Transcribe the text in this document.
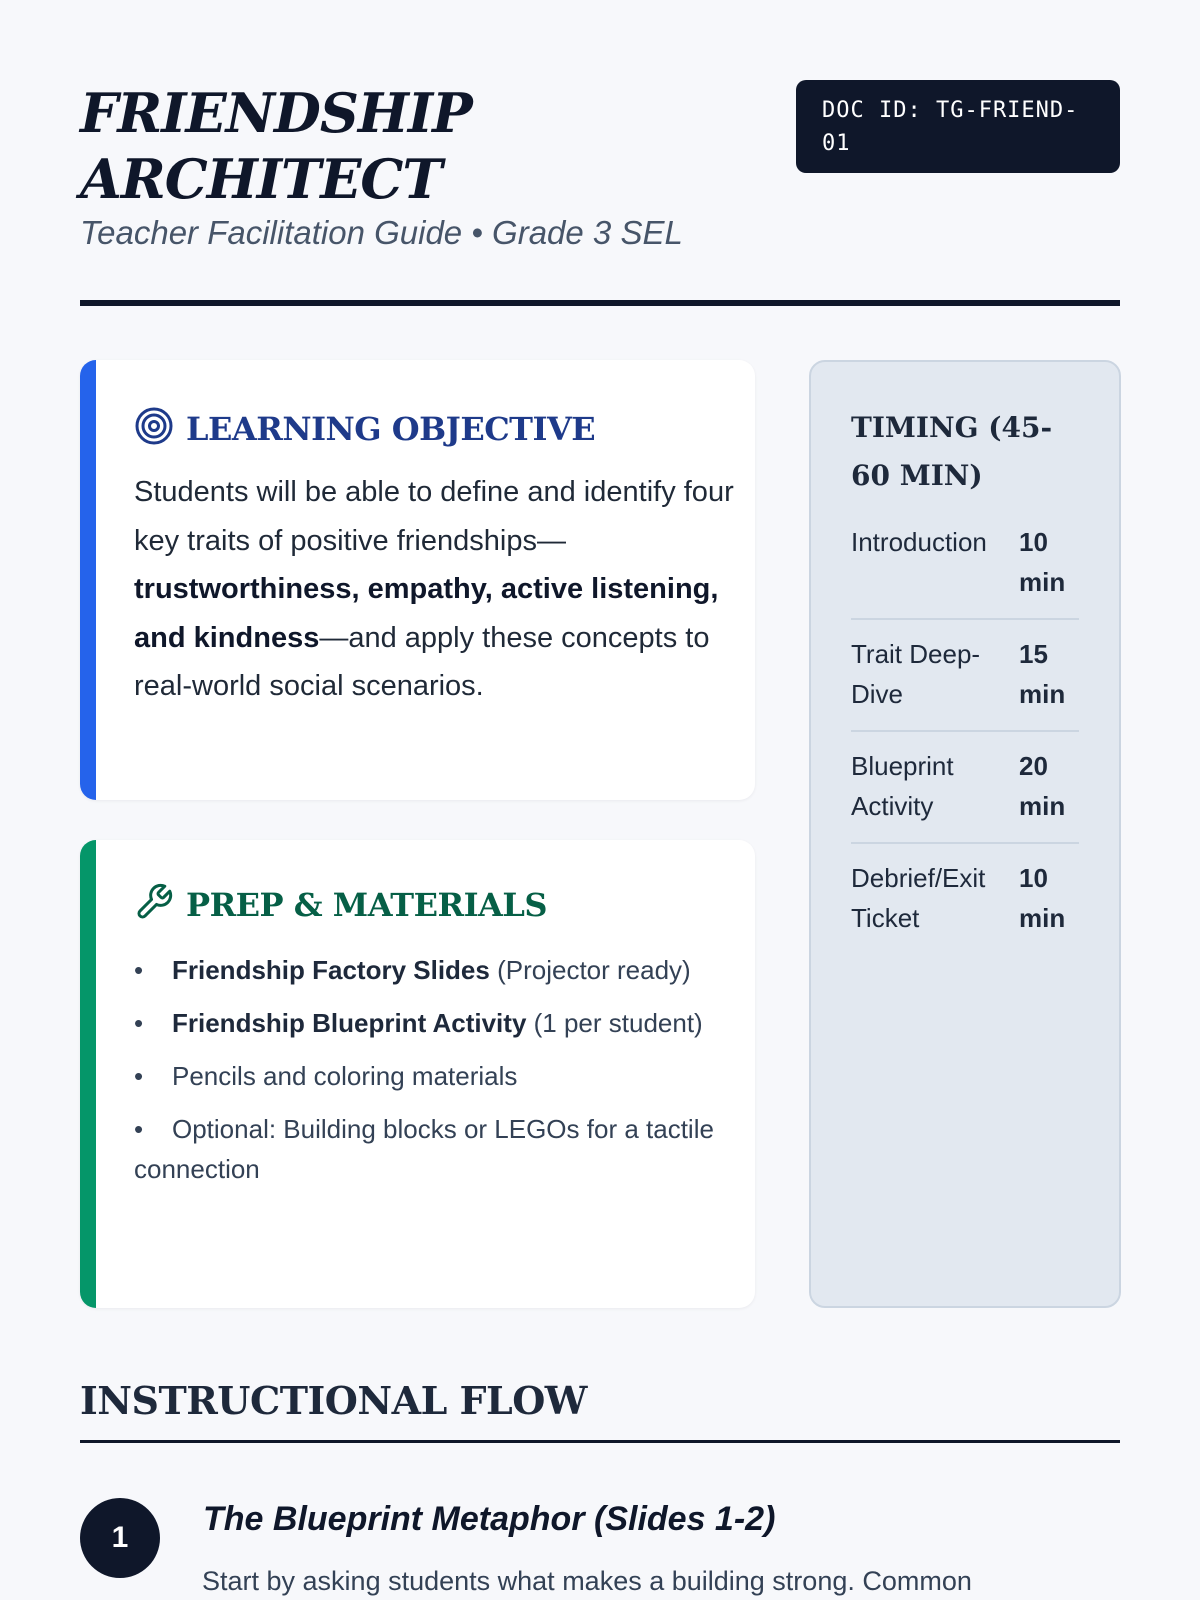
FRIENDSHIP
ARCHITECT
Teacher Facilitation Guide • Grade 3 SEL
DOC ID: TG-FRIEND-01
LEARNING OBJECTIVE
Students will be able to define and identify four key traits of positive friendships—trustworthiness, empathy, active listening, and kindness—and apply these concepts to real-world social scenarios.
PREP & MATERIALS
• Friendship Factory Slides (Projector ready)
• Friendship Blueprint Activity (1 per student)
• Pencils and coloring materials
• Optional: Building blocks or LEGOs for a tactile connection
TIMING (45-60 MIN)
Introduction	10 min
Trait Deep-Dive
15 min
Blueprint Activity
20 min
Debrief/Exit Ticket
10 min
INSTRUCTIONAL FLOW
1	The Blueprint Metaphor (Slides 1-2)
Start by asking students what makes a building strong. Common
